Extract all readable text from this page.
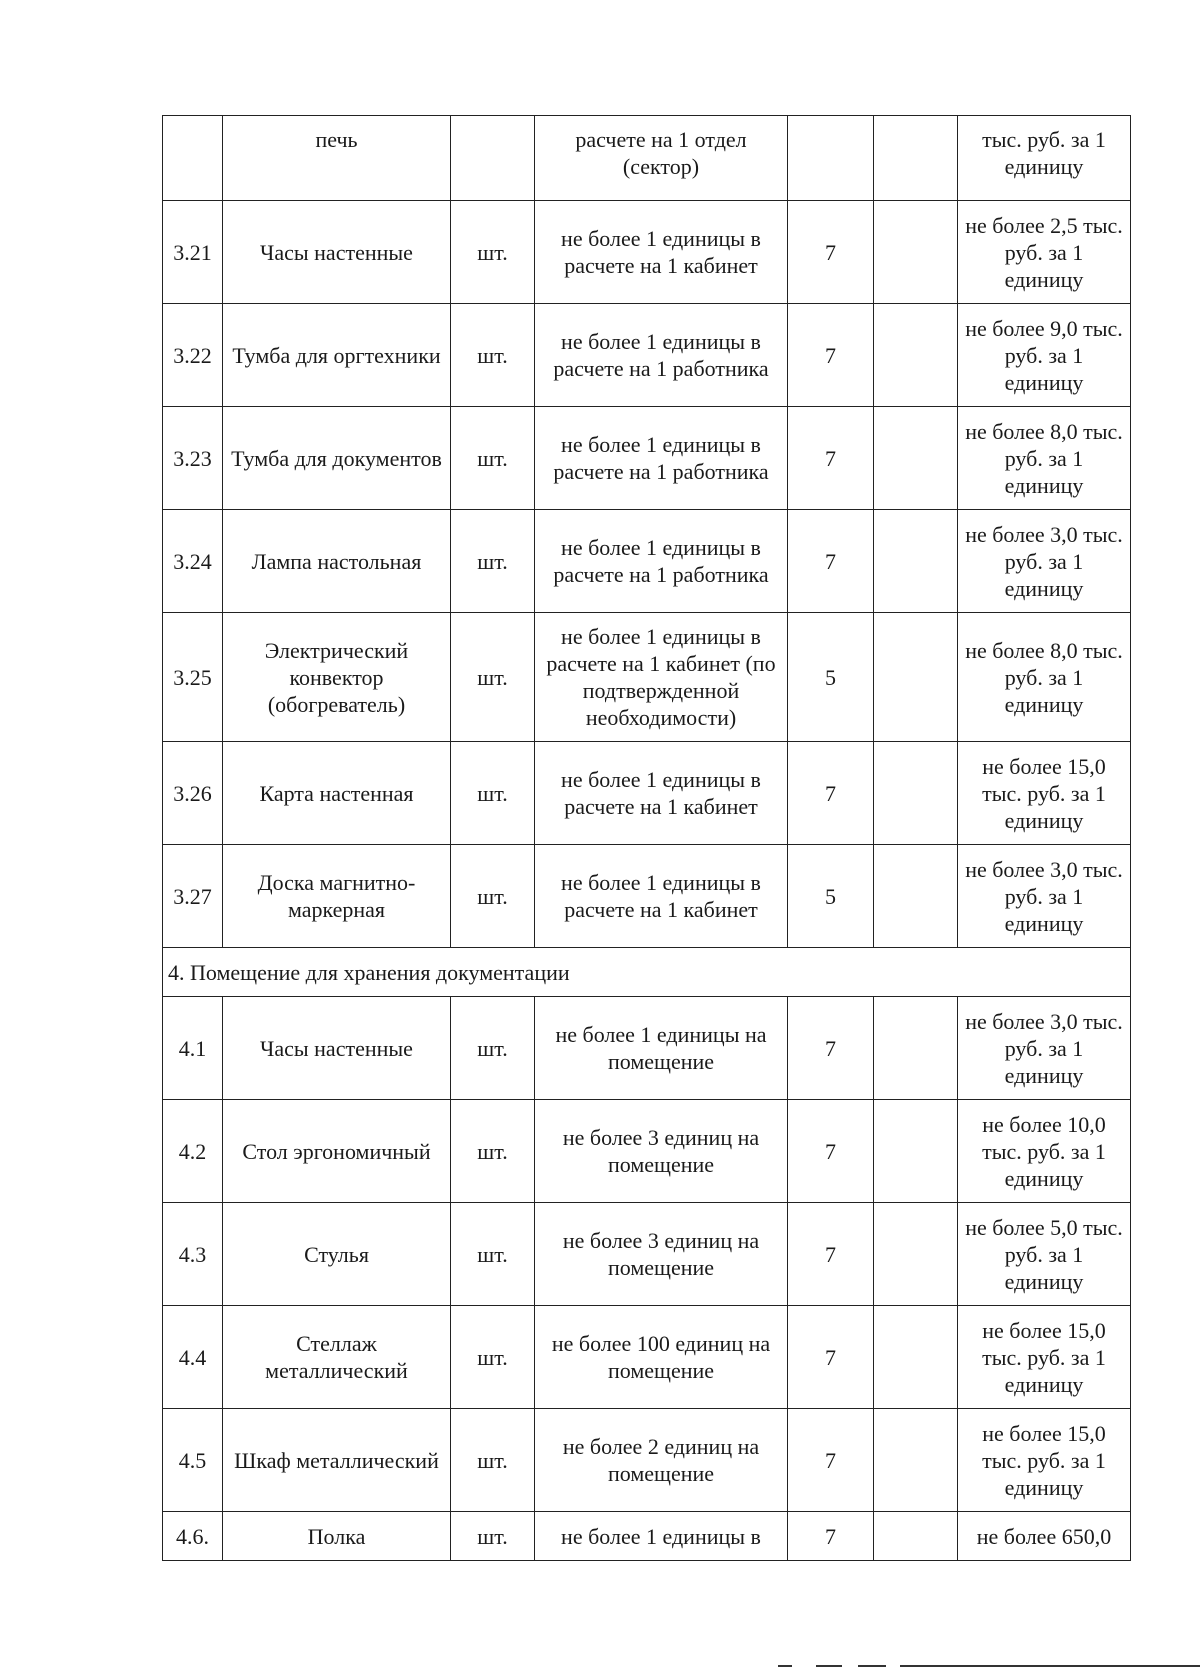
	печь		расчете на 1 отдел (сектор)			тыс. руб. за 1 единицу
3.21	Часы настенные	шт.	не более 1 единицы в расчете на 1 кабинет	7		не более 2,5 тыс. руб. за 1 единицу
3.22	Тумба для оргтехники	шт.	не более 1 единицы в расчете на 1 работника	7		не более 9,0 тыс. руб. за 1 единицу
3.23	Тумба для документов	шт.	не более 1 единицы в расчете на 1 работника	7		не более 8,0 тыс. руб. за 1 единицу
3.24	Лампа настольная	шт.	не более 1 единицы в расчете на 1 работника	7		не более 3,0 тыс. руб. за 1 единицу
3.25	Электрический конвектор (обогреватель)	шт.	не более 1 единицы в расчете на 1 кабинет (по подтвержденной необходимости)	5		не более 8,0 тыс. руб. за 1 единицу
3.26	Карта настенная	шт.	не более 1 единицы в расчете на 1 кабинет	7		не более 15,0 тыс. руб. за 1 единицу
3.27	Доска магнитно-маркерная	шт.	не более 1 единицы в расчете на 1 кабинет	5		не более 3,0 тыс. руб. за 1 единицу
4. Помещение для хранения документации						
4.1	Часы настенные	шт.	не более 1 единицы на помещение	7		не более 3,0 тыс. руб. за 1 единицу
4.2	Стол эргономичный	шт.	не более 3 единиц на помещение	7		не более 10,0 тыс. руб. за 1 единицу
4.3	Стулья	шт.	не более 3 единиц на помещение	7		не более 5,0 тыс. руб. за 1 единицу
4.4	Стеллаж металлический	шт.	не более 100 единиц на помещение	7		не более 15,0 тыс. руб. за 1 единицу
4.5	Шкаф металлический	шт.	не более 2 единиц на помещение	7		не более 15,0 тыс. руб. за 1 единицу
4.6.	Полка	шт.	не более 1 единицы в	7		не более 650,0
